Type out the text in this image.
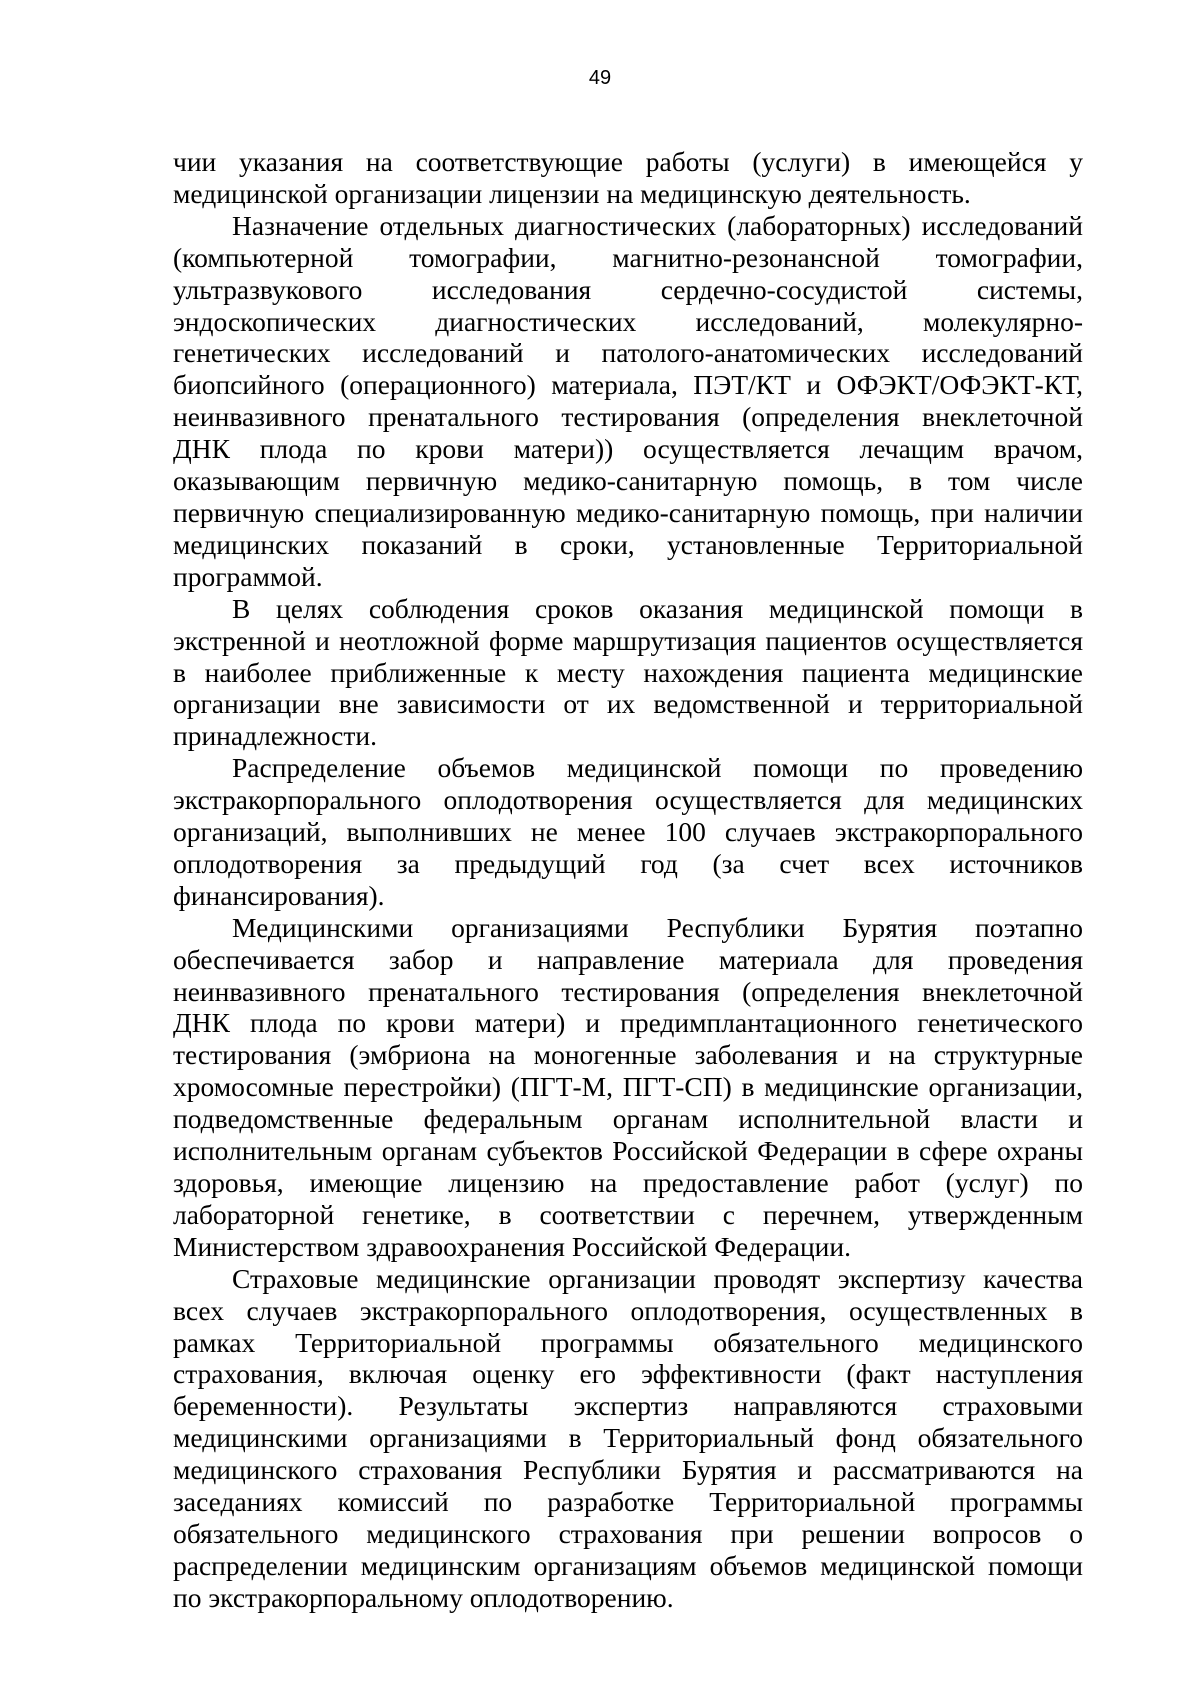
49

чии указания на соответствующие работы (услуги) в имеющейся у медицинской организации лицензии на медицинскую деятельность.

Назначение отдельных диагностических (лабораторных) исследований (компьютерной томографии, магнитно-резонансной томографии, ультразвукового исследования сердечно-сосудистой системы, эндоскопических диагностических исследований, молекулярно-генетических исследований и патолого-анатомических исследований биопсийного (операционного) материала, ПЭТ/КТ и ОФЭКТ/ОФЭКТ-КТ, неинвазивного пренатального тестирования (определения внеклеточной ДНК плода по крови матери)) осуществляется лечащим врачом, оказывающим первичную медико-санитарную помощь, в том числе первичную специализированную медико-санитарную помощь, при наличии медицинских показаний в сроки, установленные Территориальной программой.

В целях соблюдения сроков оказания медицинской помощи в экстренной и неотложной форме маршрутизация пациентов осуществляется в наиболее приближенные к месту нахождения пациента медицинские организации вне зависимости от их ведомственной и территориальной принадлежности.

Распределение объемов медицинской помощи по проведению экстракорпорального оплодотворения осуществляется для медицинских организаций, выполнивших не менее 100 случаев экстракорпорального оплодотворения за предыдущий год (за счет всех источников финансирования).

Медицинскими организациями Республики Бурятия поэтапно обеспечивается забор и направление материала для проведения неинвазивного пренатального тестирования (определения внеклеточной ДНК плода по крови матери) и предимплантационного генетического тестирования (эмбриона на моногенные заболевания и на структурные хромосомные перестройки) (ПГТ-М, ПГТ-СП) в медицинские организации, подведомственные федеральным органам исполнительной власти и исполнительным органам субъектов Российской Федерации в сфере охраны здоровья, имеющие лицензию на предоставление работ (услуг) по лабораторной генетике, в соответствии с перечнем, утвержденным Министерством здравоохранения Российской Федерации.

Страховые медицинские организации проводят экспертизу качества всех случаев экстракорпорального оплодотворения, осуществленных в рамках Территориальной программы обязательного медицинского страхования, включая оценку его эффективности (факт наступления беременности). Результаты экспертиз направляются страховыми медицинскими организациями в Территориальный фонд обязательного медицинского страхования Республики Бурятия и рассматриваются на заседаниях комиссий по разработке Территориальной программы обязательного медицинского страхования при решении вопросов о распределении медицинским организациям объемов медицинской помощи по экстракорпоральному оплодотворению.
